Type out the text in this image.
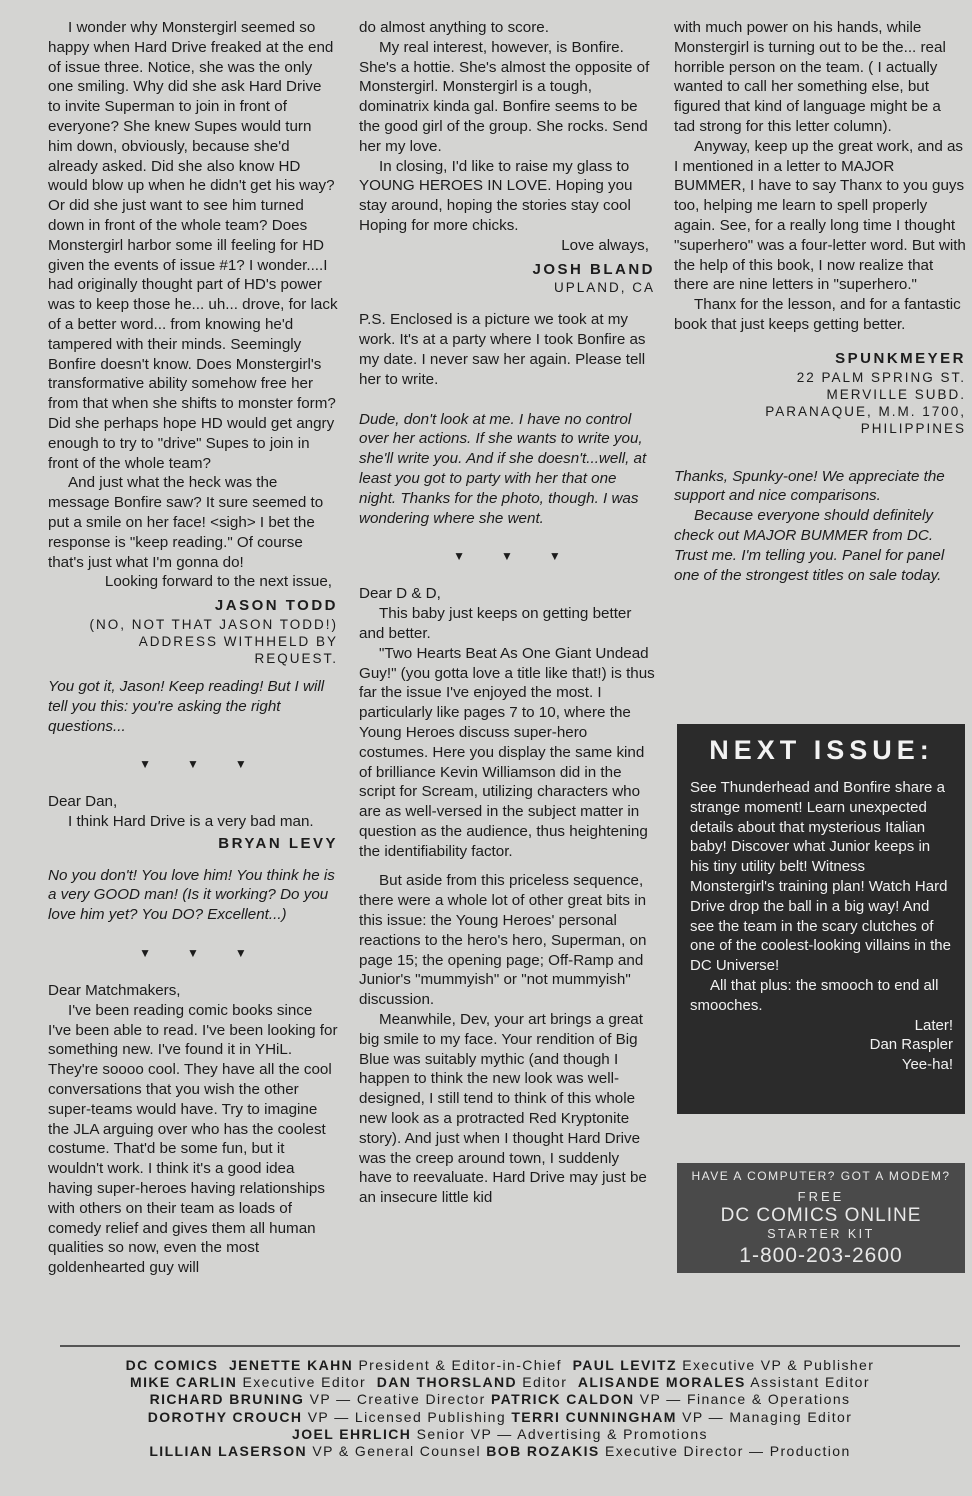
I wonder why Monstergirl seemed so happy when Hard Drive freaked at the end of issue three. Notice, she was the only one smiling. Why did she ask Hard Drive to invite Superman to join in front of everyone? She knew Supes would turn him down, obviously, because she'd already asked. Did she also know HD would blow up when he didn't get his way? Or did she just want to see him turned down in front of the whole team? Does Monstergirl harbor some ill feeling for HD given the events of issue #1? I wonder....I had originally thought part of HD's power was to keep those he... uh... drove, for lack of a better word... from knowing he'd tampered with their minds. Seemingly Bonfire doesn't know. Does Monstergirl's transformative ability somehow free her from that when she shifts to monster form? Did she perhaps hope HD would get angry enough to try to "drive" Supes to join in front of the whole team?

And just what the heck was the message Bonfire saw? It sure seemed to put a smile on her face! <sigh> I bet the response is "keep reading." Of course that's just what I'm gonna do!

Looking forward to the next issue,

JASON TODD

(NO, NOT THAT JASON TODD!)

ADDRESS WITHHELD BY

REQUEST.

You got it, Jason! Keep reading! But I will tell you this: you're asking the right questions...

▼▼▼

Dear Dan,

I think Hard Drive is a very bad man.

BRYAN LEVY

No you don't! You love him! You think he is a very GOOD man! (Is it working? Do you love him yet? You DO? Excellent...)

▼▼▼

Dear Matchmakers,

I've been reading comic books since I've been able to read. I've been looking for something new. I've found it in YHiL. They're soooo cool. They have all the cool conversations that you wish the other super-teams would have. Try to imagine the JLA arguing over who has the coolest costume. That'd be some fun, but it wouldn't work. I think it's a good idea having super-heroes having relationships with others on their team as loads of comedy relief and gives them all human qualities so now, even the most goldenhearted guy will

do almost anything to score.

My real interest, however, is Bonfire. She's a hottie. She's almost the opposite of Monstergirl. Monstergirl is a tough, dominatrix kinda gal. Bonfire seems to be the good girl of the group. She rocks. Send her my love.

In closing, I'd like to raise my glass to YOUNG HEROES IN LOVE. Hoping you stay around, hoping the stories stay cool Hoping for more chicks.

Love always,

JOSH BLAND

UPLAND, CA

P.S. Enclosed is a picture we took at my work. It's at a party where I took Bonfire as my date. I never saw her again. Please tell her to write.

Dude, don't look at me. I have no control over her actions. If she wants to write you, she'll write you. And if she doesn't...well, at least you got to party with her that one night. Thanks for the photo, though. I was wondering where she went.

▼▼▼

Dear D & D,

This baby just keeps on getting better and better.

"Two Hearts Beat As One Giant Undead Guy!" (you gotta love a title like that!) is thus far the issue I've enjoyed the most. I particularly like pages 7 to 10, where the Young Heroes discuss super-hero costumes. Here you display the same kind of brilliance Kevin Williamson did in the script for Scream, utilizing characters who are as well-versed in the subject matter in question as the audience, thus heightening the identifiability factor.

But aside from this priceless sequence, there were a whole lot of other great bits in this issue: the Young Heroes' personal reactions to the hero's hero, Superman, on page 15; the opening page; Off-Ramp and Junior's "mummyish" or "not mummyish" discussion.

Meanwhile, Dev, your art brings a great big smile to my face. Your rendition of Big Blue was suitably mythic (and though I happen to think the new look was well-designed, I still tend to think of this whole new look as a protracted Red Kryptonite story). And just when I thought Hard Drive was the creep around town, I suddenly have to reevaluate. Hard Drive may just be an insecure little kid

with much power on his hands, while Monstergirl is turning out to be the... real horrible person on the team. ( I actually wanted to call her something else, but figured that kind of language might be a tad strong for this letter column).

Anyway, keep up the great work, and as I mentioned in a letter to MAJOR BUMMER, I have to say Thanx to you guys too, helping me learn to spell properly again. See, for a really long time I thought "superhero" was a four-letter word. But with the help of this book, I now realize that there are nine letters in "superhero."

Thanx for the lesson, and for a fantastic book that just keeps getting better.

SPUNKMEYER

22 PALM SPRING ST.

MERVILLE SUBD.

PARANAQUE, M.M. 1700,

PHILIPPINES

Thanks, Spunky-one! We appreciate the support and nice comparisons.

Because everyone should definitely check out MAJOR BUMMER from DC. Trust me. I'm telling you. Panel for panel one of the strongest titles on sale today.

NEXT ISSUE:

See Thunderhead and Bonfire share a strange moment! Learn unexpected details about that mysterious Italian baby! Discover what Junior keeps in his tiny utility belt! Witness Monstergirl's training plan! Watch Hard Drive drop the ball in a big way! And see the team in the scary clutches of one of the coolest-looking villains in the DC Universe!

All that plus: the smooch to end all smooches.

Later!

Dan Raspler

Yee-ha!

HAVE A COMPUTER? GOT A MODEM?
FREE
DC COMICS ONLINE
STARTER KIT
1-800-203-2600
DC COMICS JENETTE KAHN President & Editor-in-Chief PAUL LEVITZ Executive VP & Publisher
MIKE CARLIN Executive Editor DAN THORSLAND Editor ALISANDE MORALES Assistant Editor
RICHARD BRUNING VP — Creative Director PATRICK CALDON VP — Finance & Operations
DOROTHY CROUCH VP — Licensed Publishing TERRI CUNNINGHAM VP — Managing Editor
JOEL EHRLICH Senior VP — Advertising & Promotions
LILLIAN LASERSON VP & General Counsel BOB ROZAKIS Executive Director — Production
